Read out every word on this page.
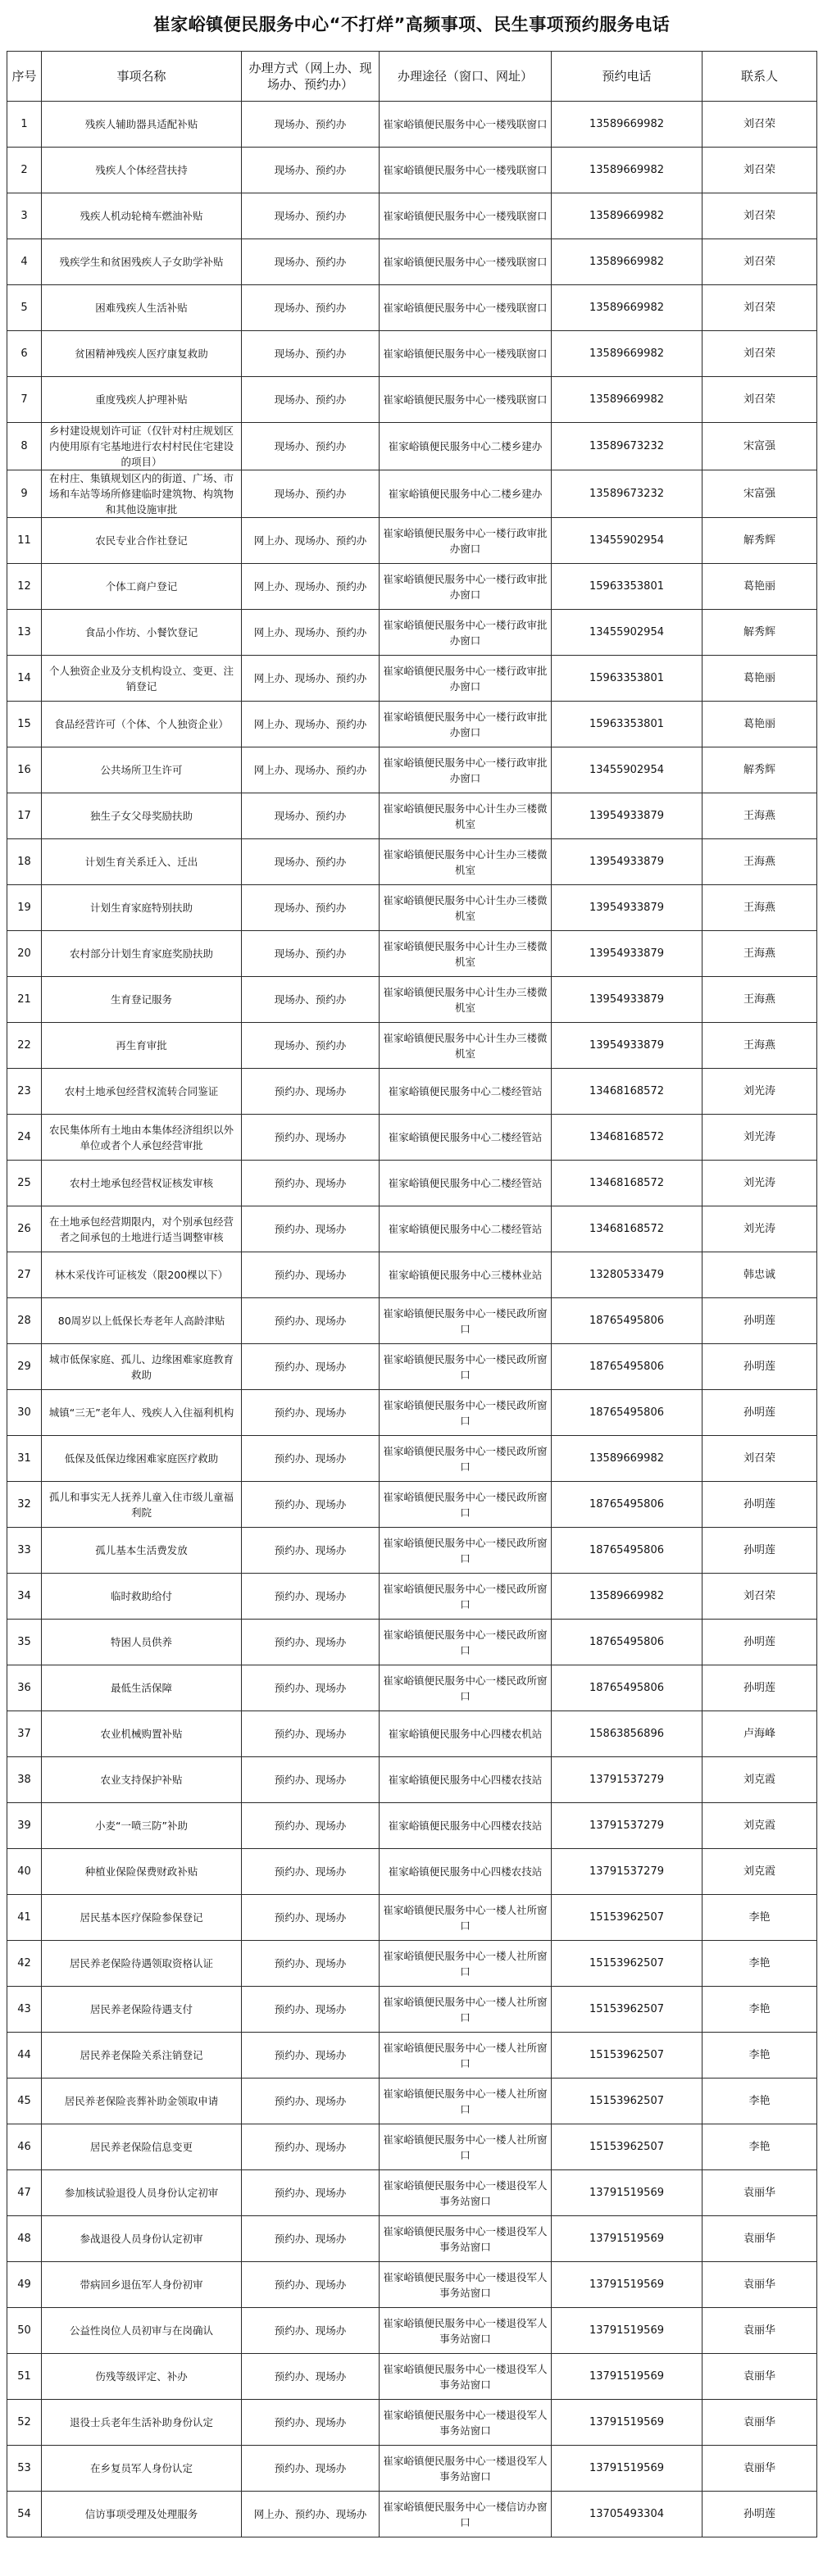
崔家峪镇便民服务中心“不打烊”高频事项、民生事项预约服务电话
序号	事项名称	办理方式（网上办、现场办、预约办）	办理途径（窗口、网址）	预约电话	联系人
1	残疾人辅助器具适配补贴	现场办、预约办	崔家峪镇便民服务中心一楼残联窗口	13589669982	刘召荣
2	残疾人个体经营扶持	现场办、预约办	崔家峪镇便民服务中心一楼残联窗口	13589669982	刘召荣
3	残疾人机动轮椅车燃油补贴	现场办、预约办	崔家峪镇便民服务中心一楼残联窗口	13589669982	刘召荣
4	残疾学生和贫困残疾人子女助学补贴	现场办、预约办	崔家峪镇便民服务中心一楼残联窗口	13589669982	刘召荣
5	困难残疾人生活补贴	现场办、预约办	崔家峪镇便民服务中心一楼残联窗口	13589669982	刘召荣
6	贫困精神残疾人医疗康复救助	现场办、预约办	崔家峪镇便民服务中心一楼残联窗口	13589669982	刘召荣
7	重度残疾人护理补贴	现场办、预约办	崔家峪镇便民服务中心一楼残联窗口	13589669982	刘召荣
8	乡村建设规划许可证（仅针对村庄规划区内使用原有宅基地进行农村村民住宅建设的项目）	现场办、预约办	崔家峪镇便民服务中心二楼乡建办	13589673232	宋富强
9	在村庄、集镇规划区内的街道、广场、市场和车站等场所修建临时建筑物、构筑物和其他设施审批	现场办、预约办	崔家峪镇便民服务中心二楼乡建办	13589673232	宋富强
11	农民专业合作社登记	网上办、现场办、预约办	崔家峪镇便民服务中心一楼行政审批办窗口	13455902954	解秀辉
12	个体工商户登记	网上办、现场办、预约办	崔家峪镇便民服务中心一楼行政审批办窗口	15963353801	葛艳丽
13	食品小作坊、小餐饮登记	网上办、现场办、预约办	崔家峪镇便民服务中心一楼行政审批办窗口	13455902954	解秀辉
14	个人独资企业及分支机构设立、变更、注销登记	网上办、现场办、预约办	崔家峪镇便民服务中心一楼行政审批办窗口	15963353801	葛艳丽
15	食品经营许可（个体、个人独资企业）	网上办、现场办、预约办	崔家峪镇便民服务中心一楼行政审批办窗口	15963353801	葛艳丽
16	公共场所卫生许可	网上办、现场办、预约办	崔家峪镇便民服务中心一楼行政审批办窗口	13455902954	解秀辉
17	独生子女父母奖励扶助	现场办、预约办	崔家峪镇便民服务中心计生办三楼微机室	13954933879	王海燕
18	计划生育关系迁入、迁出	现场办、预约办	崔家峪镇便民服务中心计生办三楼微机室	13954933879	王海燕
19	计划生育家庭特别扶助	现场办、预约办	崔家峪镇便民服务中心计生办三楼微机室	13954933879	王海燕
20	农村部分计划生育家庭奖励扶助	现场办、预约办	崔家峪镇便民服务中心计生办三楼微机室	13954933879	王海燕
21	生育登记服务	现场办、预约办	崔家峪镇便民服务中心计生办三楼微机室	13954933879	王海燕
22	再生育审批	现场办、预约办	崔家峪镇便民服务中心计生办三楼微机室	13954933879	王海燕
23	农村土地承包经营权流转合同鉴证	预约办、现场办	崔家峪镇便民服务中心二楼经管站	13468168572	刘光涛
24	农民集体所有土地由本集体经济组织以外单位或者个人承包经营审批	预约办、现场办	崔家峪镇便民服务中心二楼经管站	13468168572	刘光涛
25	农村土地承包经营权证核发审核	预约办、现场办	崔家峪镇便民服务中心二楼经管站	13468168572	刘光涛
26	在土地承包经营期限内，对个别承包经营者之间承包的土地进行适当调整审核	预约办、现场办	崔家峪镇便民服务中心二楼经管站	13468168572	刘光涛
27	林木采伐许可证核发（限200棵以下）	预约办、现场办	崔家峪镇便民服务中心三楼林业站	13280533479	韩忠诚
28	80周岁以上低保长寿老年人高龄津贴	预约办、现场办	崔家峪镇便民服务中心一楼民政所窗口	18765495806	孙明莲
29	城市低保家庭、孤儿、边缘困难家庭教育救助	预约办、现场办	崔家峪镇便民服务中心一楼民政所窗口	18765495806	孙明莲
30	城镇“三无”老年人、残疾人入住福利机构	预约办、现场办	崔家峪镇便民服务中心一楼民政所窗口	18765495806	孙明莲
31	低保及低保边缘困难家庭医疗救助	预约办、现场办	崔家峪镇便民服务中心一楼民政所窗口	13589669982	刘召荣
32	孤儿和事实无人抚养儿童入住市级儿童福利院	预约办、现场办	崔家峪镇便民服务中心一楼民政所窗口	18765495806	孙明莲
33	孤儿基本生活费发放	预约办、现场办	崔家峪镇便民服务中心一楼民政所窗口	18765495806	孙明莲
34	临时救助给付	预约办、现场办	崔家峪镇便民服务中心一楼民政所窗口	13589669982	刘召荣
35	特困人员供养	预约办、现场办	崔家峪镇便民服务中心一楼民政所窗口	18765495806	孙明莲
36	最低生活保障	预约办、现场办	崔家峪镇便民服务中心一楼民政所窗口	18765495806	孙明莲
37	农业机械购置补贴	预约办、现场办	崔家峪镇便民服务中心四楼农机站	15863856896	卢海峰
38	农业支持保护补贴	预约办、现场办	崔家峪镇便民服务中心四楼农技站	13791537279	刘克霞
39	小麦“一喷三防”补助	预约办、现场办	崔家峪镇便民服务中心四楼农技站	13791537279	刘克霞
40	种植业保险保费财政补贴	预约办、现场办	崔家峪镇便民服务中心四楼农技站	13791537279	刘克霞
41	居民基本医疗保险参保登记	预约办、现场办	崔家峪镇便民服务中心一楼人社所窗口	15153962507	李艳
42	居民养老保险待遇领取资格认证	预约办、现场办	崔家峪镇便民服务中心一楼人社所窗口	15153962507	李艳
43	居民养老保险待遇支付	预约办、现场办	崔家峪镇便民服务中心一楼人社所窗口	15153962507	李艳
44	居民养老保险关系注销登记	预约办、现场办	崔家峪镇便民服务中心一楼人社所窗口	15153962507	李艳
45	居民养老保险丧葬补助金领取申请	预约办、现场办	崔家峪镇便民服务中心一楼人社所窗口	15153962507	李艳
46	居民养老保险信息变更	预约办、现场办	崔家峪镇便民服务中心一楼人社所窗口	15153962507	李艳
47	参加核试验退役人员身份认定初审	预约办、现场办	崔家峪镇便民服务中心一楼退役军人事务站窗口	13791519569	袁丽华
48	参战退役人员身份认定初审	预约办、现场办	崔家峪镇便民服务中心一楼退役军人事务站窗口	13791519569	袁丽华
49	带病回乡退伍军人身份初审	预约办、现场办	崔家峪镇便民服务中心一楼退役军人事务站窗口	13791519569	袁丽华
50	公益性岗位人员初审与在岗确认	预约办、现场办	崔家峪镇便民服务中心一楼退役军人事务站窗口	13791519569	袁丽华
51	伤残等级评定、补办	预约办、现场办	崔家峪镇便民服务中心一楼退役军人事务站窗口	13791519569	袁丽华
52	退役士兵老年生活补助身份认定	预约办、现场办	崔家峪镇便民服务中心一楼退役军人事务站窗口	13791519569	袁丽华
53	在乡复员军人身份认定	预约办、现场办	崔家峪镇便民服务中心一楼退役军人事务站窗口	13791519569	袁丽华
54	信访事项受理及处理服务	网上办、预约办、现场办	崔家峪镇便民服务中心一楼信访办窗口	13705493304	孙明莲
